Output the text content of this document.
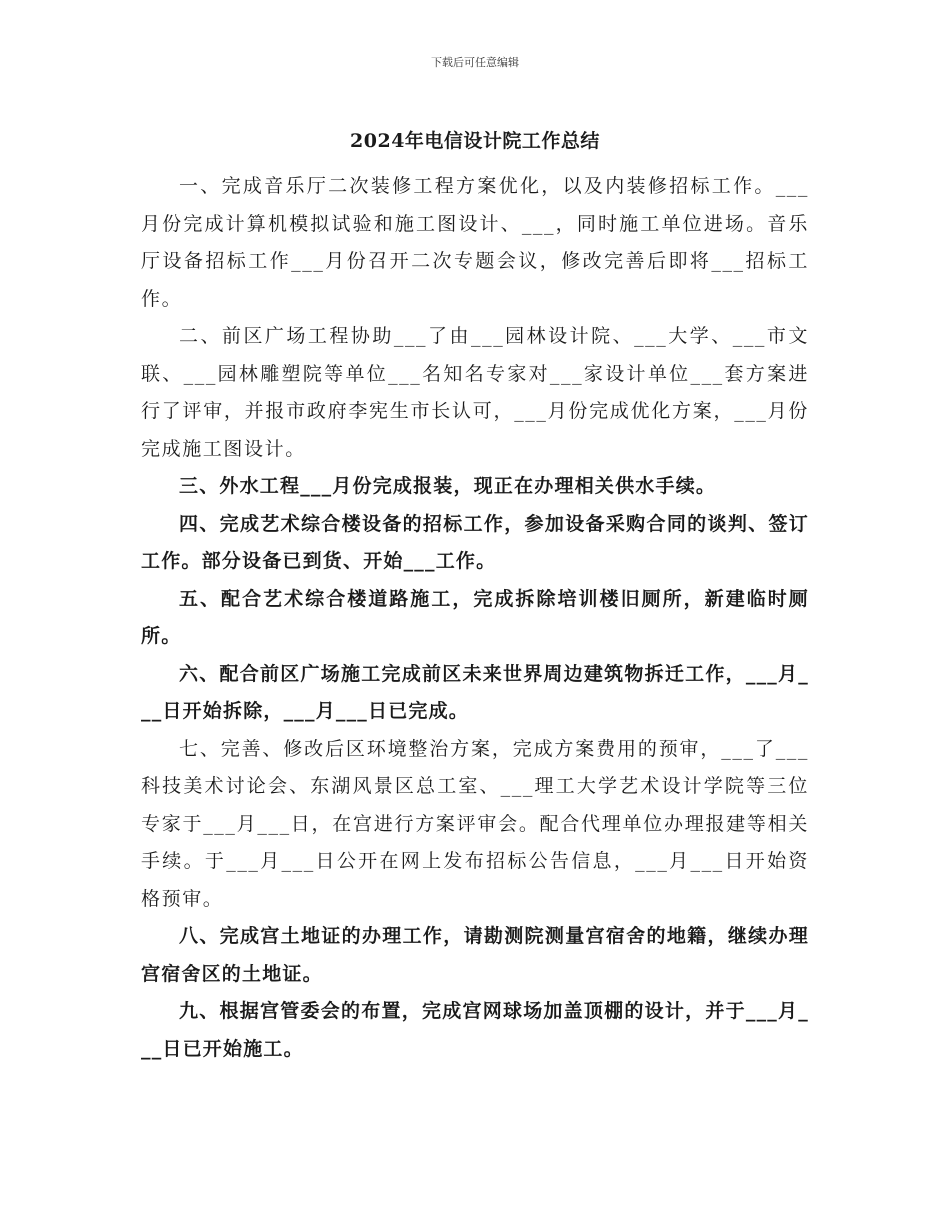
下载后可任意编辑
2024年电信设计院工作总结

一、完成音乐厅二次装修工程方案优化，以及内装修招标工作。___月份完成计算机模拟试验和施工图设计、___，同时施工单位进场。音乐厅设备招标工作___月份召开二次专题会议，修改完善后即将___招标工作。

二、前区广场工程协助___了由___园林设计院、___大学、___市文联、___园林雕塑院等单位___名知名专家对___家设计单位___套方案进行了评审，并报市政府李宪生市长认可，___月份完成优化方案，___月份完成施工图设计。

三、外水工程___月份完成报装，现正在办理相关供水手续。

四、完成艺术综合楼设备的招标工作，参加设备采购合同的谈判、签订工作。部分设备已到货、开始___工作。

五、配合艺术综合楼道路施工，完成拆除培训楼旧厕所，新建临时厕所。

六、配合前区广场施工完成前区未来世界周边建筑物拆迁工作，___月___日开始拆除，___月___日已完成。

七、完善、修改后区环境整治方案，完成方案费用的预审，___了___科技美术讨论会、东湖风景区总工室、___理工大学艺术设计学院等三位专家于___月___日，在宫进行方案评审会。配合代理单位办理报建等相关手续。于___月___日公开在网上发布招标公告信息，___月___日开始资格预审。

八、完成宫土地证的办理工作，请勘测院测量宫宿舍的地籍，继续办理宫宿舍区的土地证。

九、根据宫管委会的布置，完成宫网球场加盖顶棚的设计，并于___月___日已开始施工。
